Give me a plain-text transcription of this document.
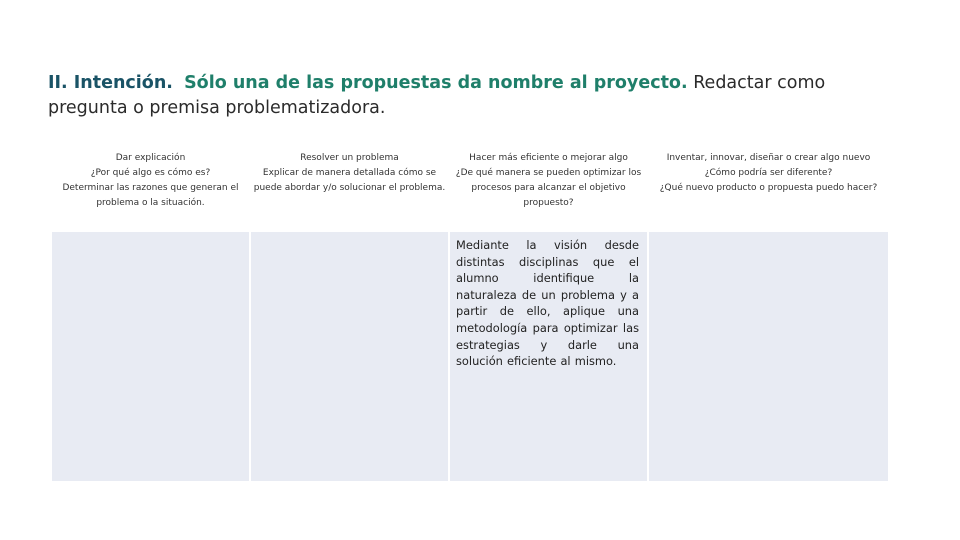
II. Intención. Sólo una de las propuestas da nombre al proyecto. Redactar como pregunta o premisa problematizadora.
Dar explicación
¿Por qué algo es cómo es?
Determinar las razones que generan el
problema o la situación.
Resolver un problema
Explicar de manera detallada cómo se
puede abordar y/o solucionar el problema.
Hacer más eficiente o mejorar algo
¿De qué manera se pueden optimizar los
procesos para alcanzar el objetivo
propuesto?
Inventar, innovar, diseñar o crear algo nuevo
¿Cómo podría ser diferente?
¿Qué nuevo producto o propuesta puedo hacer?
Mediante la visión desde distintas disciplinas que el alumno identifique la naturaleza de un problema y a partir de ello, aplique una metodología para optimizar las estrategias y darle una solución eficiente al mismo.
